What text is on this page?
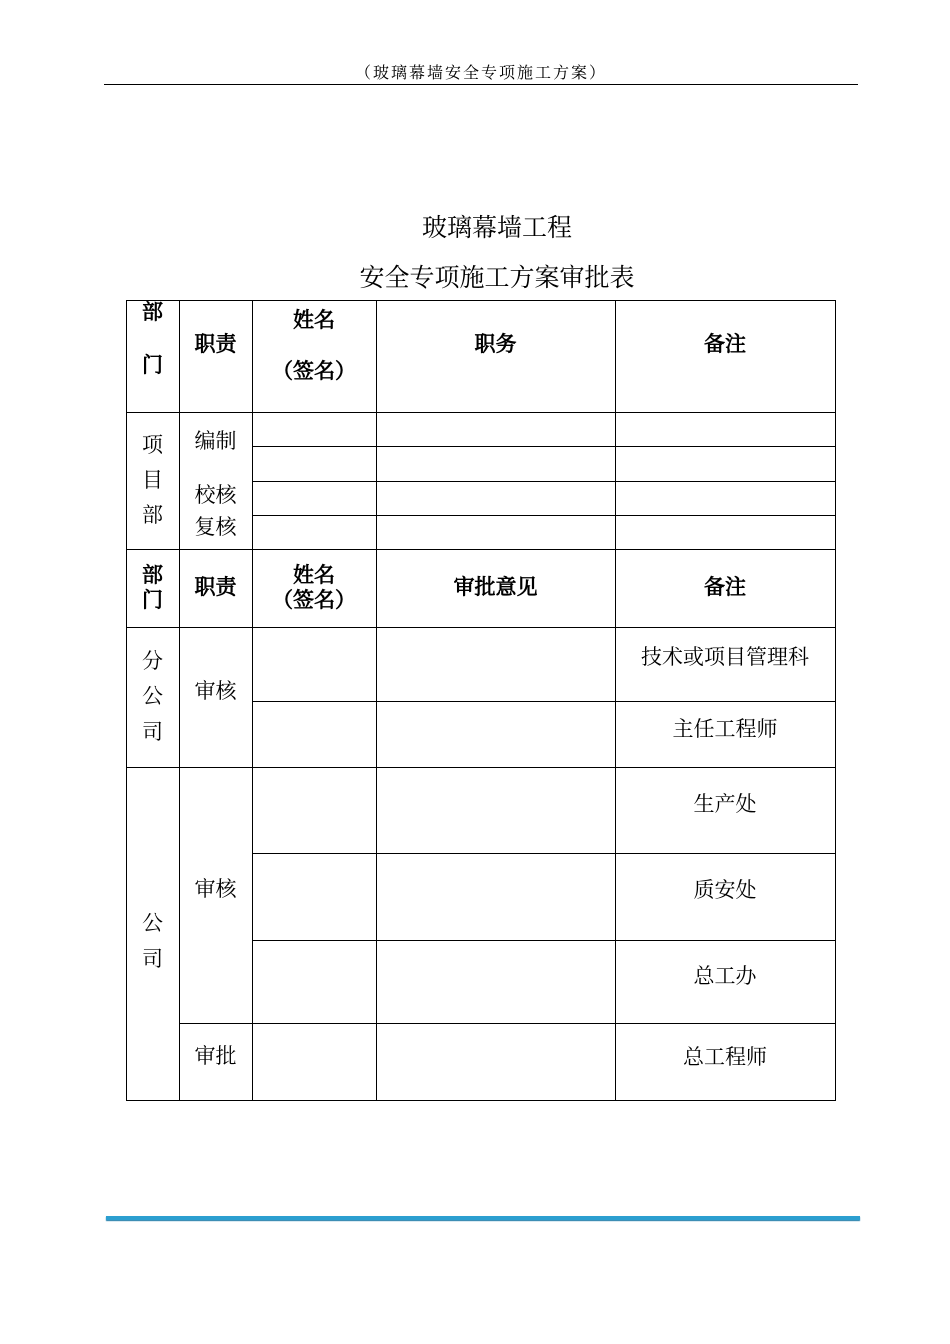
（玻璃幕墙安全专项施工方案）
玻璃幕墙工程
安全专项施工方案审批表
部
门
职责
姓名
（签名）
职务	备注
项
目
部
编制
校核
复核
部
门
职责
姓名
（签名）
审批意见	备注
分
公
司
审核
技术或项目管理科
主任工程师
公
司
审核
审批
生产处
质安处
总工办
总工程师
